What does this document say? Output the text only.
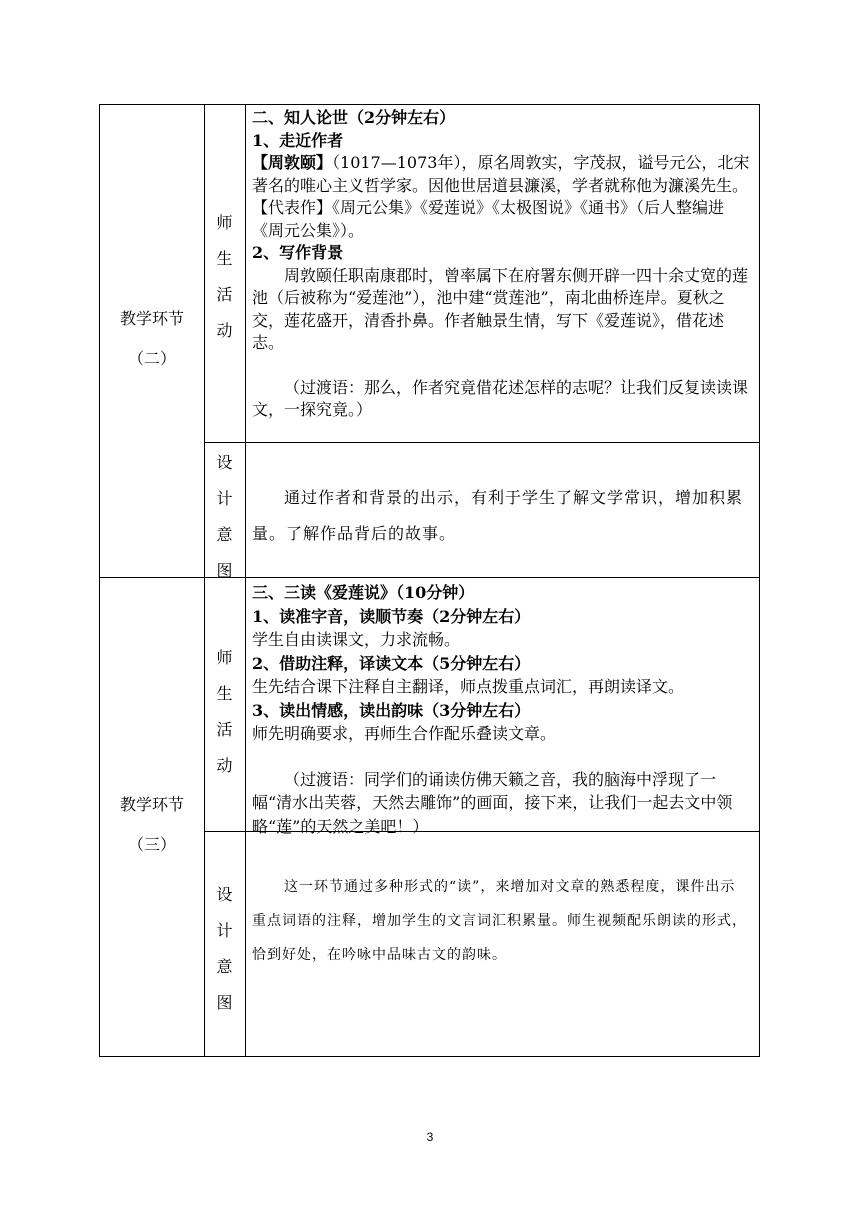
教学环节
（二）
师
生
活
动

二、知人论世（2分钟左右）

1、走近作者

【周敦颐】（1017—1073年），原名周敦实，字茂叔，谥号元公，北宋著名的唯心主义哲学家。因他世居道县濂溪，学者就称他为濂溪先生。

【代表作】《周元公集》《爱莲说》《太极图说》《通书》（后人整编进《周元公集》）。

2、写作背景

周敦颐任职南康郡时，曾率属下在府署东侧开辟一四十余丈宽的莲池（后被称为“爱莲池”），池中建“赏莲池”，南北曲桥连岸。夏秋之交，莲花盛开，清香扑鼻。作者触景生情，写下《爱莲说》，借花述志。

（过渡语：那么，作者究竟借花述怎样的志呢？让我们反复读读课文，一探究竟。）

设
计
意
图

通过作者和背景的出示，有利于学生了解文学常识，增加积累量。了解作品背后的故事。

教学环节
（三）
师
生
活
动

三、三读《爱莲说》（10分钟）

1、读准字音，读顺节奏（2分钟左右）

学生自由读课文，力求流畅。

2、借助注释，译读文本（5分钟左右）

生先结合课下注释自主翻译，师点拨重点词汇，再朗读译文。

3、读出情感，读出韵味（3分钟左右）

师先明确要求，再师生合作配乐叠读文章。

（过渡语：同学们的诵读仿佛天籁之音，我的脑海中浮现了一幅“清水出芙蓉，天然去雕饰”的画面，接下来，让我们一起去文中领略“莲”的天然之美吧！）

设
计
意
图

这一环节通过多种形式的“读”，来增加对文章的熟悉程度，课件出示重点词语的注释，增加学生的文言词汇积累量。师生视频配乐朗读的形式，恰到好处，在吟咏中品味古文的韵味。

3
